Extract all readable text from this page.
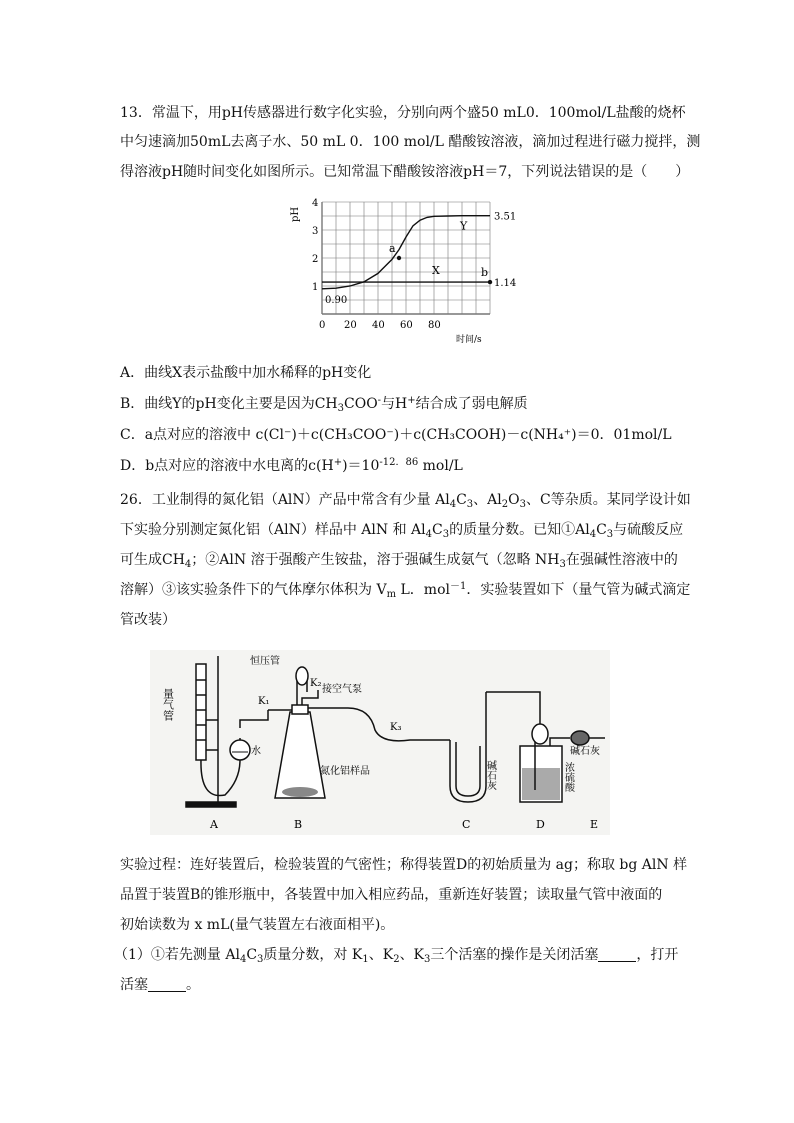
13．常温下，用pH传感器进行数字化实验，分别向两个盛50 mL0．100mol/L盐酸的烧杯
中匀速滴加50mL去离子水、50 mL 0．100 mol/L 醋酸铵溶液，滴加过程进行磁力搅拌，测
得溶液pH随时间变化如图所示。已知常温下醋酸铵溶液pH＝7，下列说法错误的是（　　）
0 20 40 60 80
1
2
3
4
pH
时间/s
a
b
X
Y
3.51
1.14
0.90
A．曲线X表示盐酸中加水稀释的pH变化
B．曲线Y的pH变化主要是因为$CH_3COO^-$与H+结合成了弱电解质
C．a点对应的溶液中 c(Cl⁻)＋c(CH₃COO⁻)＋c(CH₃COOH)－c(NH₄⁺)＝0．01mol/L
D．b点对应的溶液中水电离的$c(H^+)=10^{-12.86}$ mol/L
26．工业制得的氮化铝（AlN）产品中常含有少量 $Al_4C_3$、$Al_2O_3$、C等杂质。某同学设计如
下实验分别测定氮化铝（AlN）样品中 AlN 和 $Al_4C_3$的质量分数。已知$①Al_4C_3$与硫酸反应
可生成$CH_4$；②AlN 溶于强酸产生铵盐，溶于强碱生成氨气（忽略 $NH_3$在强碱性溶液中的
溶解）③该实验条件下的气体摩尔体积为 $V_m$ L．mol$^{-1}$．实验装置如下（量气管为碱式滴定
管改装）
A	B	C	D	E
量气管
水
恒压管
接空气泵
氮化铝样品	碱石灰	浓硫酸
碱石灰
K₁
K₂
K₃
实验过程：连好装置后，检验装置的气密性；称得装置D的初始质量为 ag；称取 bg AlN 样
品置于装置B的锥形瓶中，各装置中加入相应药品，重新连好装置；读取量气管中液面的
初始读数为 x mL(量气装置左右液面相平)。
（1）①若先测量 $Al_4C_3$质量分数，对 $K_1$、$K_2$、$K_3$三个活塞的操作是关闭活塞	，打开
活塞	。
